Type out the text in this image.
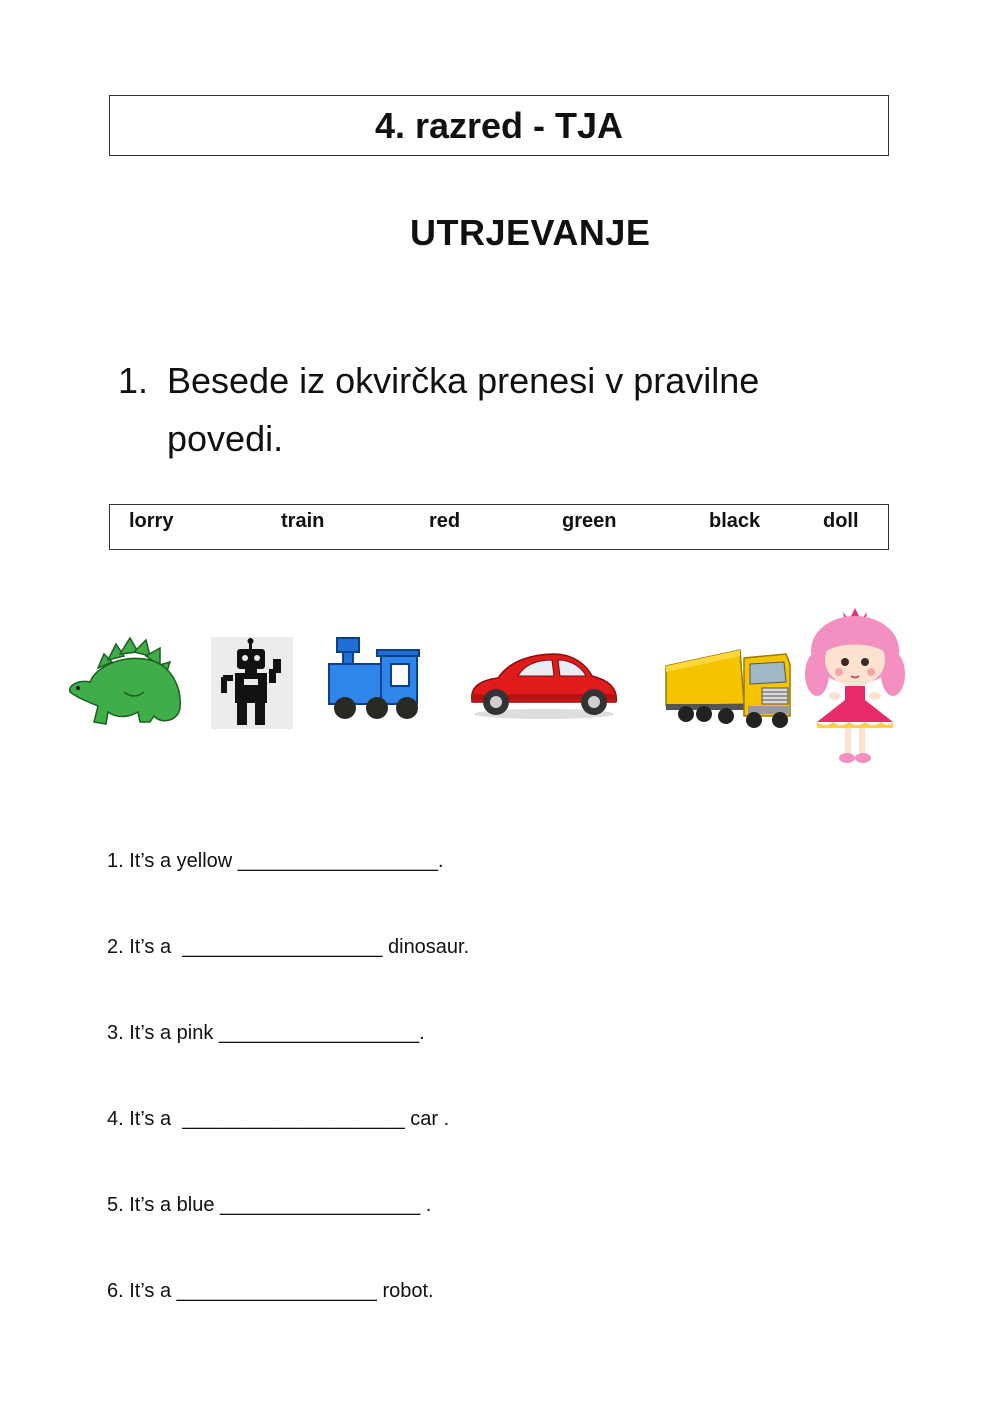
4. razred - TJA
UTRJEVANJE
1. Besede iz okvirčka prenesi v pravilne povedi.
lorry	train	red	green	black	doll
1. It’s a yellow __________________.
2. It’s a  __________________ dinosaur.
3. It’s a pink __________________.
4. It’s a  ____________________ car .
5. It’s a blue __________________ .
6. It’s a __________________ robot.
